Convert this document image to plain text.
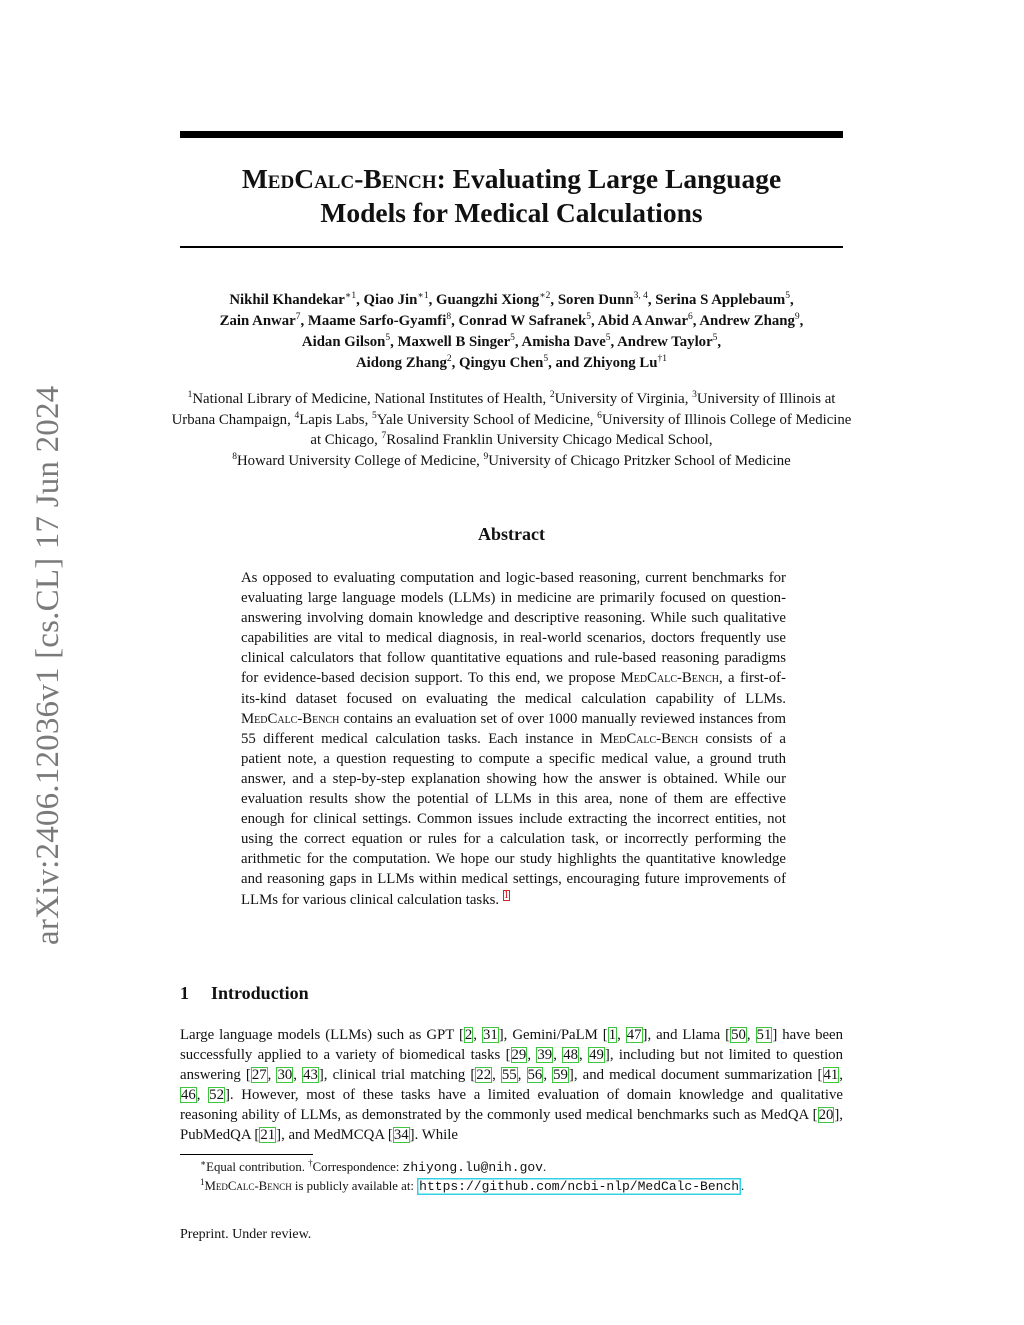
arXiv:2406.12036v1 [cs.CL] 17 Jun 2024
MedCalc-Bench: Evaluating Large Language
Models for Medical Calculations
Nikhil Khandekar$^{∗1}$, Qiao Jin$^{∗1}$, Guangzhi Xiong$^{∗2}$, Soren Dunn$^{3, 4}$, Serina S Applebaum$^5$,
Zain Anwar$^7$, Maame Sarfo-Gyamfi$^8$, Conrad W Safranek$^5$, Abid A Anwar$^6$, Andrew Zhang$^9$,
Aidan Gilson$^5$, Maxwell B Singer$^5$, Amisha Dave$^5$, Andrew Taylor$^5$,
Aidong Zhang$^2$, Qingyu Chen$^5$, and Zhiyong Lu$^{\dagger 1}$
$^1$National Library of Medicine, National Institutes of Health, $^2$University of Virginia, $^3$University of Illinois at Urbana Champaign, $^4$Lapis Labs, $^5$Yale University School of Medicine, $^6$University of Illinois College of Medicine at Chicago, $^7$Rosalind Franklin University Chicago Medical School,
$^8$Howard University College of Medicine, $^9$University of Chicago Pritzker School of Medicine
Abstract
As opposed to evaluating computation and logic-based reasoning, current benchmarks for evaluating large language models (LLMs) in medicine are primarily focused on question-answering involving domain knowledge and descriptive reasoning. While such qualitative capabilities are vital to medical diagnosis, in real-world scenarios, doctors frequently use clinical calculators that follow quantitative equations and rule-based reasoning paradigms for evidence-based decision support. To this end, we propose MedCalc-Bench, a first-of-its-kind dataset focused on evaluating the medical calculation capability of LLMs. MedCalc-Bench contains an evaluation set of over 1000 manually reviewed instances from 55 different medical calculation tasks. Each instance in MedCalc-Bench consists of a patient note, a question requesting to compute a specific medical value, a ground truth answer, and a step-by-step explanation showing how the answer is obtained. While our evaluation results show the potential of LLMs in this area, none of them are effective enough for clinical settings. Common issues include extracting the incorrect entities, not using the correct equation or rules for a calculation task, or incorrectly performing the arithmetic for the computation. We hope our study highlights the quantitative knowledge and reasoning gaps in LLMs within medical settings, encouraging future improvements of LLMs for various clinical calculation tasks. $^1$
1 Introduction
Large language models (LLMs) such as GPT [2, 31], Gemini/PaLM [1, 47], and Llama [50, 51] have been successfully applied to a variety of biomedical tasks [29, 39, 48, 49], including but not limited to question answering [27, 30, 43], clinical trial matching [22, 55, 56, 59], and medical document summarization [41, 46, 52]. However, most of these tasks have a limited evaluation of domain knowledge and qualitative reasoning ability of LLMs, as demonstrated by the commonly used medical benchmarks such as MedQA [20], PubMedQA [21], and MedMCQA [34]. While
∗Equal contribution. †Correspondence: zhiyong.lu@nih.gov.
$^1$MedCalc-Bench is publicly available at: https://github.com/ncbi-nlp/MedCalc-Bench .
Preprint. Under review.
